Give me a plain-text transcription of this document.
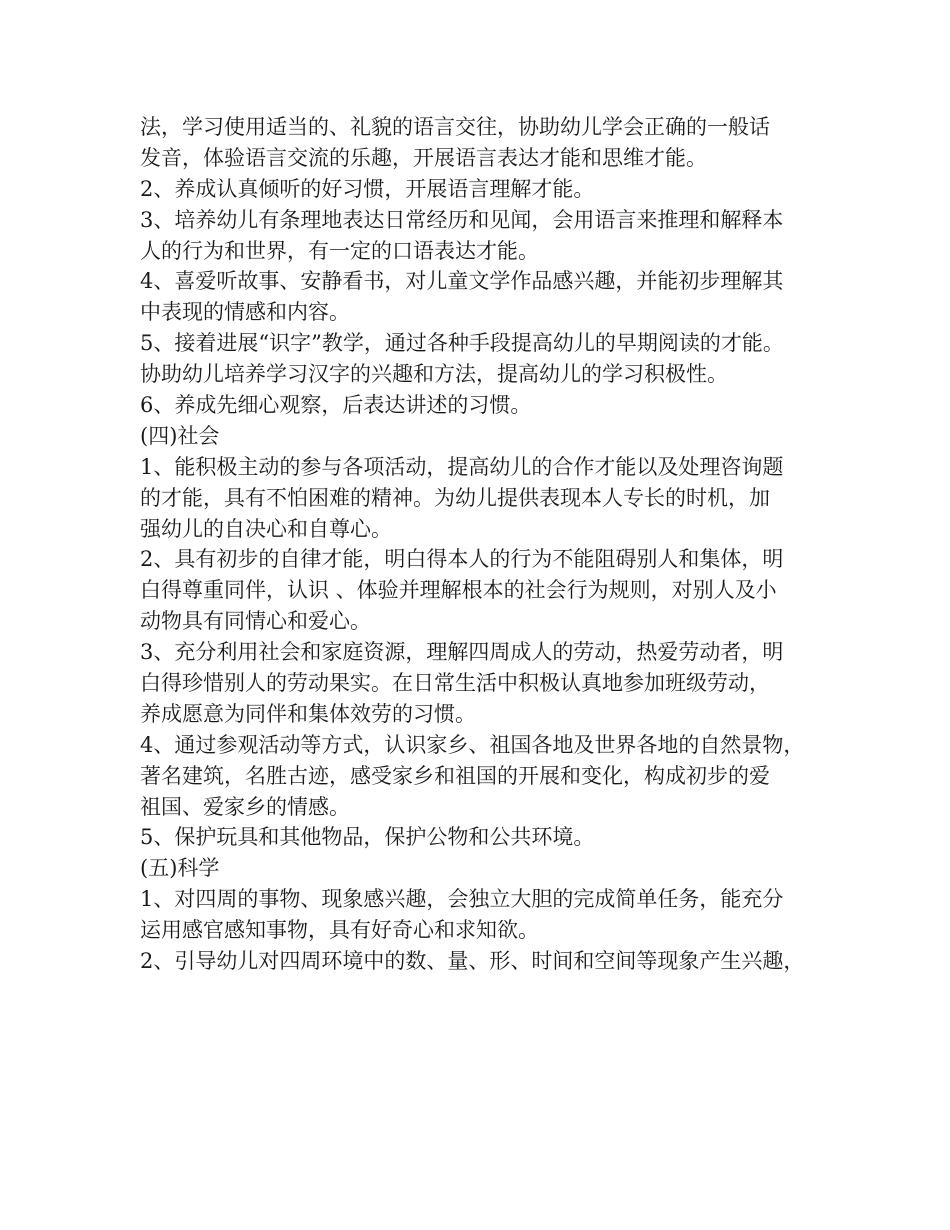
法，学习使用适当的、礼貌的语言交往，协助幼儿学会正确的一般话
发音，体验语言交流的乐趣，开展语言表达才能和思维才能。
2、养成认真倾听的好习惯，开展语言理解才能。
3、培养幼儿有条理地表达日常经历和见闻，会用语言来推理和解释本
人的行为和世界，有一定的口语表达才能。
4、喜爱听故事、安静看书，对儿童文学作品感兴趣，并能初步理解其
中表现的情感和内容。
5、接着进展“识字”教学，通过各种手段提高幼儿的早期阅读的才能。
协助幼儿培养学习汉字的兴趣和方法，提高幼儿的学习积极性。
6、养成先细心观察，后表达讲述的习惯。
(四)社会
1、能积极主动的参与各项活动，提高幼儿的合作才能以及处理咨询题
的才能，具有不怕困难的精神。为幼儿提供表现本人专长的时机，加
强幼儿的自决心和自尊心。
2、具有初步的自律才能，明白得本人的行为不能阻碍别人和集体，明
白得尊重同伴，认识 、体验并理解根本的社会行为规则，对别人及小
动物具有同情心和爱心。
3、充分利用社会和家庭资源，理解四周成人的劳动，热爱劳动者，明
白得珍惜别人的劳动果实。在日常生活中积极认真地参加班级劳动，
养成愿意为同伴和集体效劳的习惯。
4、通过参观活动等方式，认识家乡、祖国各地及世界各地的自然景物，
著名建筑，名胜古迹，感受家乡和祖国的开展和变化，构成初步的爱
祖国、爱家乡的情感。
5、保护玩具和其他物品，保护公物和公共环境。
(五)科学
1、对四周的事物、现象感兴趣，会独立大胆的完成简单任务，能充分
运用感官感知事物，具有好奇心和求知欲。
2、引导幼儿对四周环境中的数、量、形、时间和空间等现象产生兴趣，
